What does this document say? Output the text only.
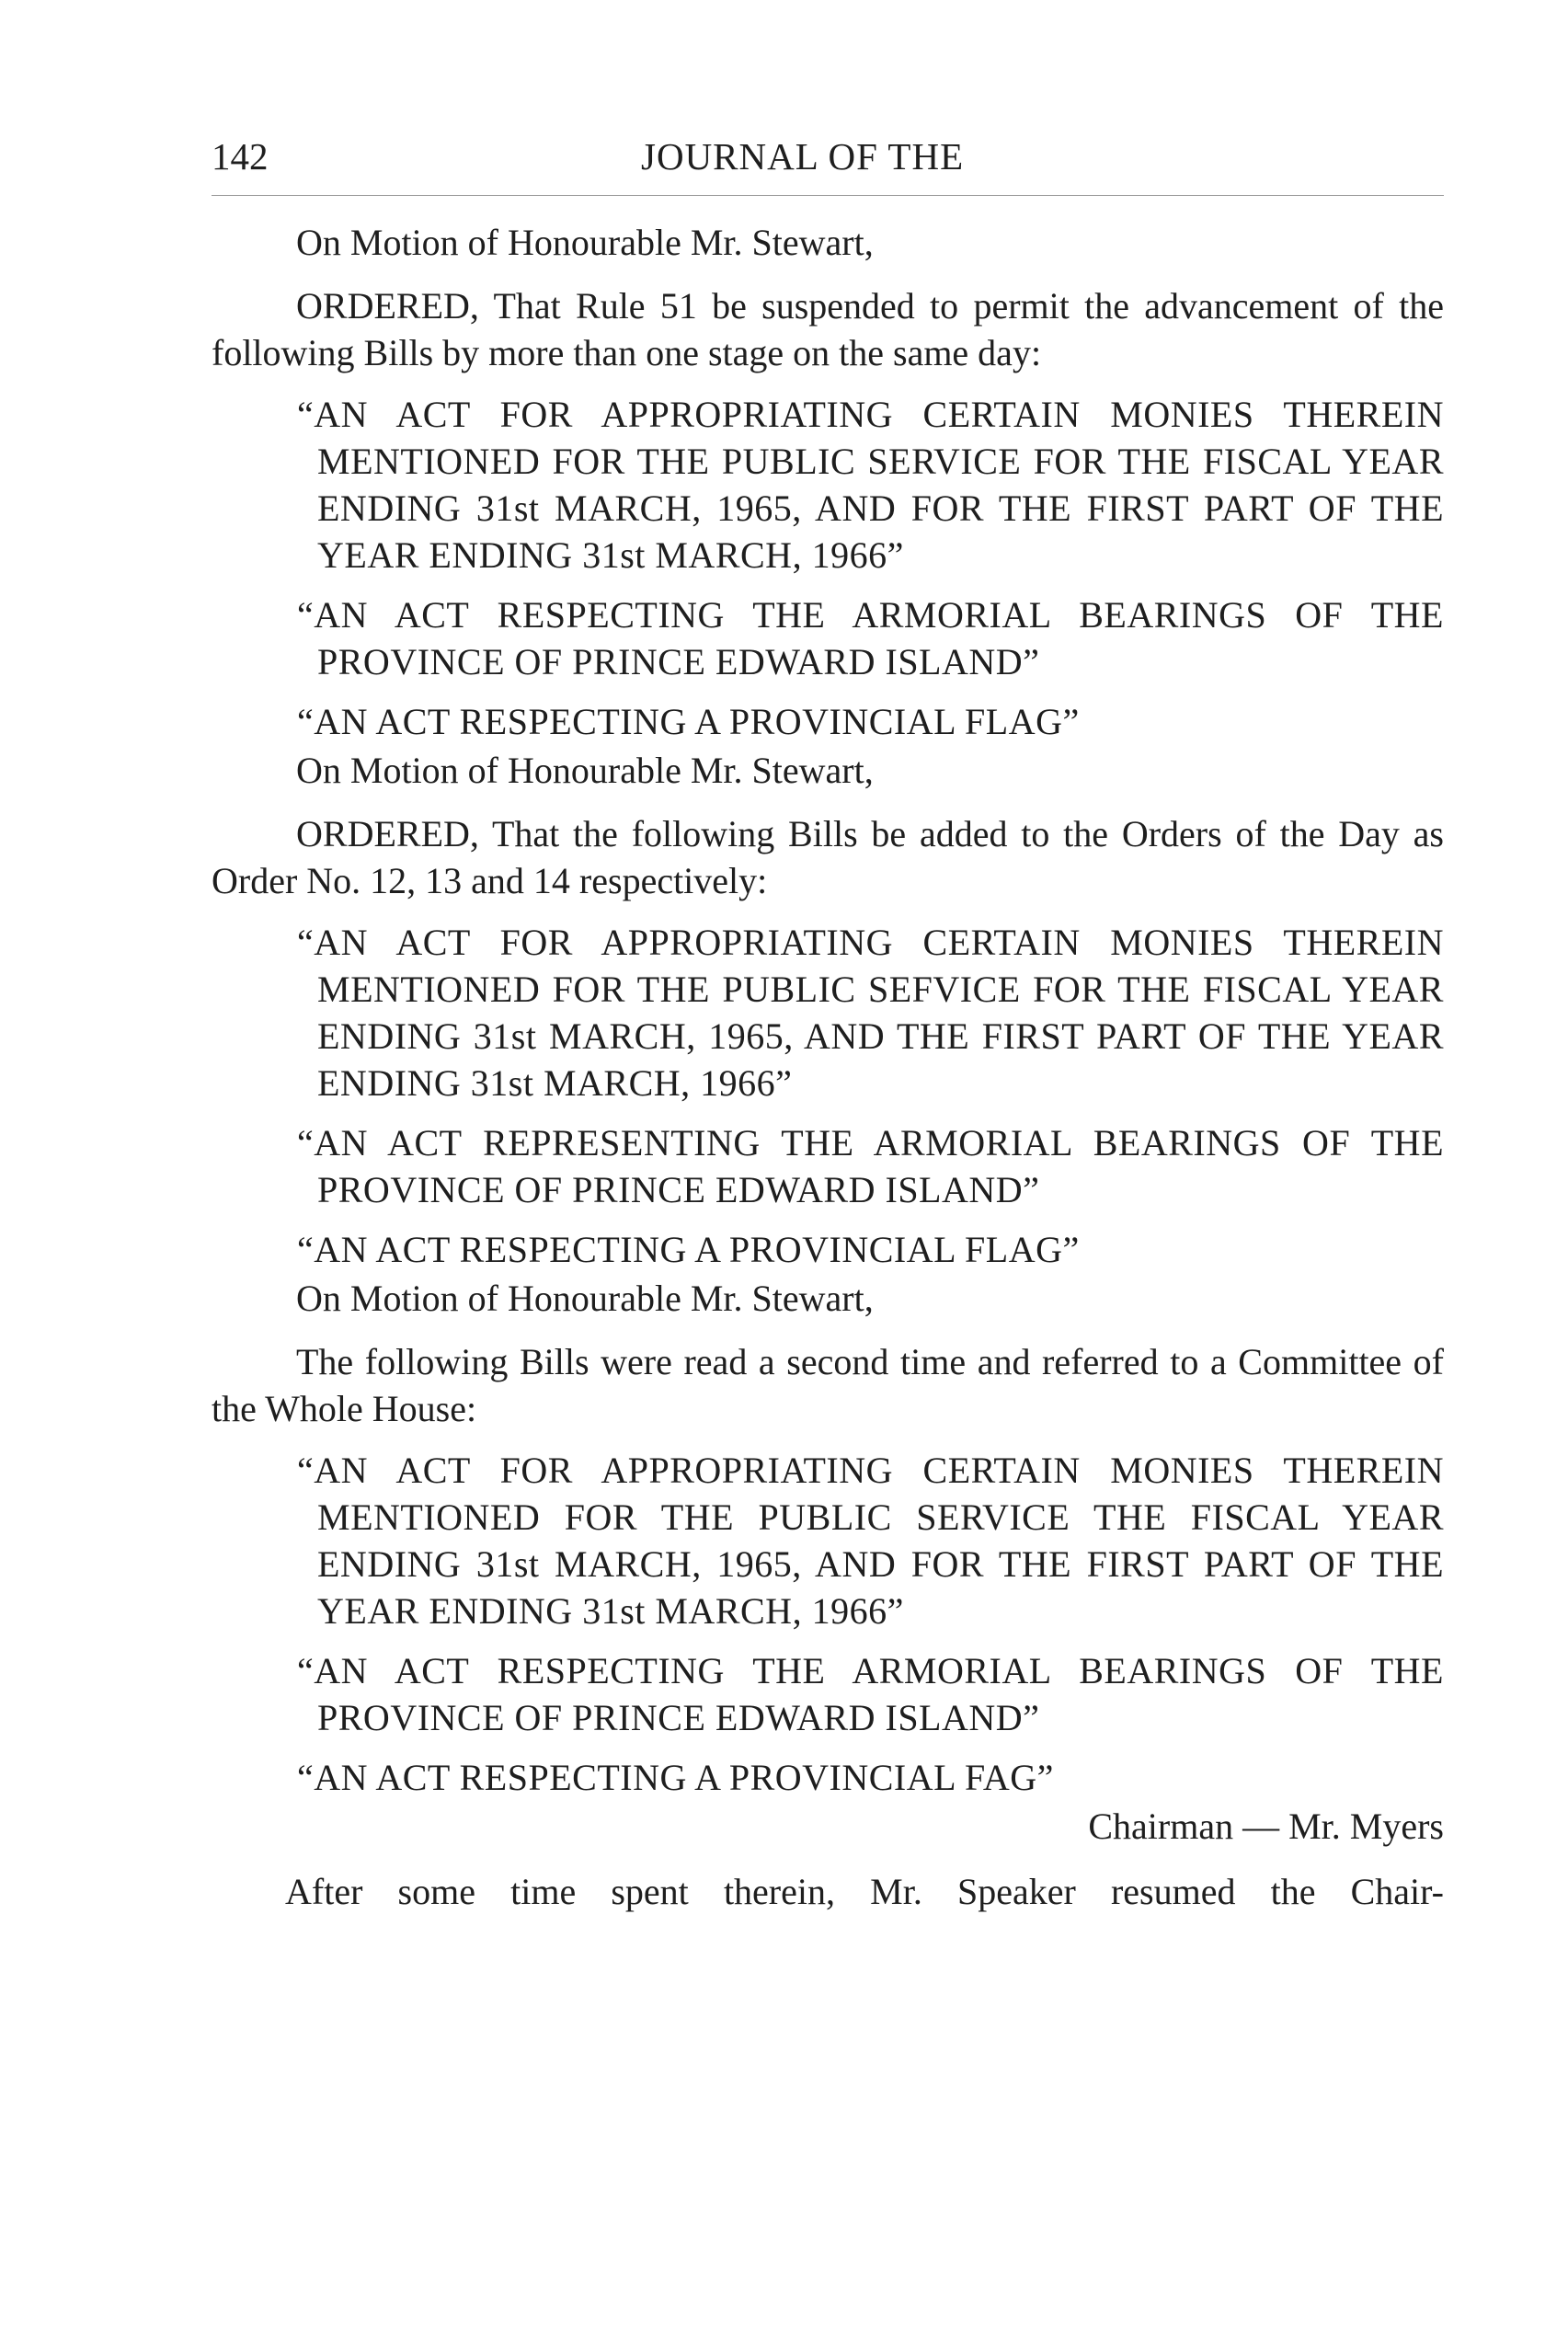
142	JOURNAL OF THE

On Motion of Honourable Mr. Stewart,

ORDERED, That Rule 51 be suspended to permit the advancement of the following Bills by more than one stage on the same day:

“AN ACT FOR APPROPRIATING CERTAIN MONIES THEREIN MENTIONED FOR THE PUBLIC SERVICE FOR THE FISCAL YEAR ENDING 31st MARCH, 1965, AND FOR THE FIRST PART OF THE YEAR ENDING 31st MARCH, 1966”

“AN ACT RESPECTING THE ARMORIAL BEARINGS OF THE PROVINCE OF PRINCE EDWARD ISLAND”

“AN ACT RESPECTING A PROVINCIAL FLAG”

On Motion of Honourable Mr. Stewart,

ORDERED, That the following Bills be added to the Orders of the Day as Order No. 12, 13 and 14 respectively:

“AN ACT FOR APPROPRIATING CERTAIN MONIES THEREIN MENTIONED FOR THE PUBLIC SEFVICE FOR THE FISCAL YEAR ENDING 31st MARCH, 1965, AND THE FIRST PART OF THE YEAR ENDING 31st MARCH, 1966”

“AN ACT REPRESENTING THE ARMORIAL BEARINGS OF THE PROVINCE OF PRINCE EDWARD ISLAND”

“AN ACT RESPECTING A PROVINCIAL FLAG”

On Motion of Honourable Mr. Stewart,

The following Bills were read a second time and referred to a Committee of the Whole House:

“AN ACT FOR APPROPRIATING CERTAIN MONIES THEREIN MENTIONED FOR THE PUBLIC SERVICE THE FISCAL YEAR ENDING 31st MARCH, 1965, AND FOR THE FIRST PART OF THE YEAR ENDING 31st MARCH, 1966”

“AN ACT RESPECTING THE ARMORIAL BEARINGS OF THE PROVINCE OF PRINCE EDWARD ISLAND”

“AN ACT RESPECTING A PROVINCIAL FAG”

Chairman — Mr. Myers

After some time spent therein, Mr. Speaker resumed the Chair-
